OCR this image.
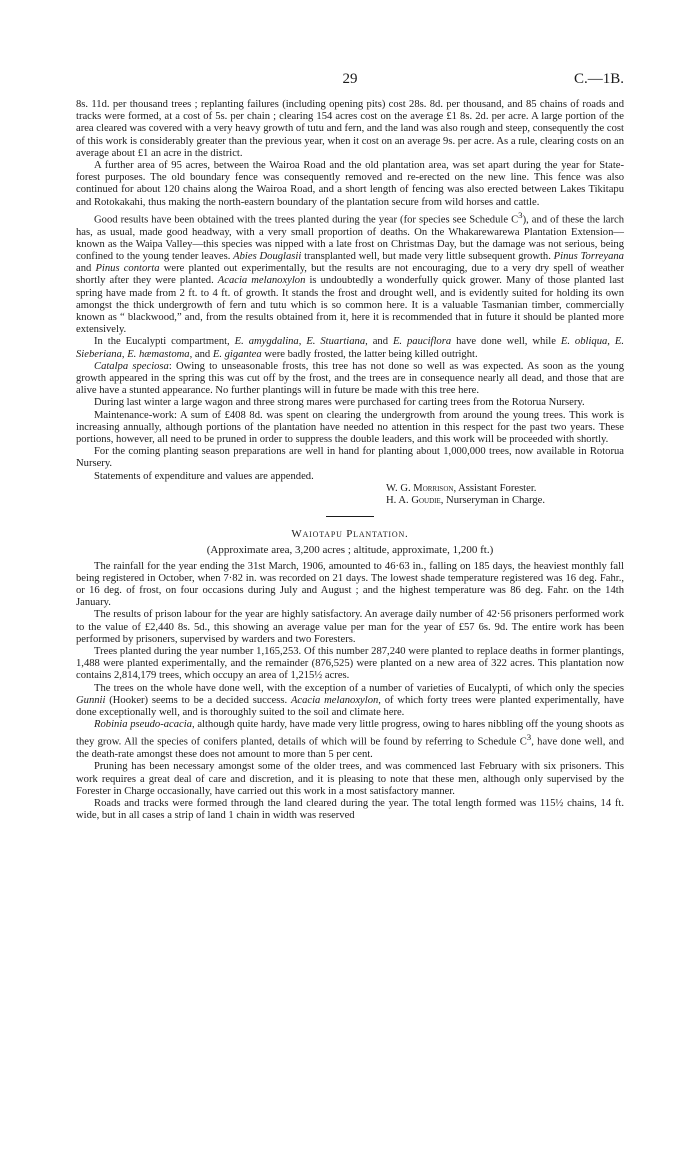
29	C.—1B.

8s. 11d. per thousand trees ; replanting failures (including opening pits) cost 28s. 8d. per thousand, and 85 chains of roads and tracks were formed, at a cost of 5s. per chain ; clearing 154 acres cost on the average £1 8s. 2d. per acre. A large portion of the area cleared was covered with a very heavy growth of tutu and fern, and the land was also rough and steep, consequently the cost of this work is considerably greater than the previous year, when it cost on an average 9s. per acre. As a rule, clearing costs on an average about £1 an acre in the district.

A further area of 95 acres, between the Wairoa Road and the old plantation area, was set apart during the year for State-forest purposes. The old boundary fence was consequently removed and re-erected on the new line. This fence was also continued for about 120 chains along the Wairoa Road, and a short length of fencing was also erected between Lakes Tikitapu and Rotokakahi, thus making the north-eastern boundary of the plantation secure from wild horses and cattle.

Good results have been obtained with the trees planted during the year (for species see Schedule $C^3$), and of these the larch has, as usual, made good headway, with a very small proportion of deaths. On the Whakarewarewa Plantation Extension—known as the Waipa Valley—this species was nipped with a late frost on Christmas Day, but the damage was not serious, being confined to the young tender leaves. Abies Douglasii transplanted well, but made very little subsequent growth. Pinus Torreyana and Pinus contorta were planted out experimentally, but the results are not encouraging, due to a very dry spell of weather shortly after they were planted. Acacia melanoxylon is undoubtedly a wonderfully quick grower. Many of those planted last spring have made from 2 ft. to 4 ft. of growth. It stands the frost and drought well, and is evidently suited for holding its own amongst the thick undergrowth of fern and tutu which is so common here. It is a valuable Tasmanian timber, commercially known as “ blackwood,” and, from the results obtained from it, here it is recommended that in future it should be planted more extensively.

In the Eucalypti compartment, E. amygdalina, E. Stuartiana, and E. pauciflora have done well, while E. obliqua, E. Sieberiana, E. hæmastoma, and E. gigantea were badly frosted, the latter being killed outright.

Catalpa speciosa: Owing to unseasonable frosts, this tree has not done so well as was expected. As soon as the young growth appeared in the spring this was cut off by the frost, and the trees are in consequence nearly all dead, and those that are alive have a stunted appearance. No further plantings will in future be made with this tree here.

During last winter a large wagon and three strong mares were purchased for carting trees from the Rotorua Nursery.

Maintenance-work: A sum of £408 8d. was spent on clearing the undergrowth from around the young trees. This work is increasing annually, although portions of the plantation have needed no attention in this respect for the past two years. These portions, however, all need to be pruned in order to suppress the double leaders, and this work will be proceeded with shortly.

For the coming planting season preparations are well in hand for planting about 1,000,000 trees, now available in Rotorua Nursery.

Statements of expenditure and values are appended.

W. G. Morrison, Assistant Forester.

H. A. Goudie, Nurseryman in Charge.

Waiotapu Plantation.

(Approximate area, 3,200 acres ; altitude, approximate, 1,200 ft.)

The rainfall for the year ending the 31st March, 1906, amounted to 46·63 in., falling on 185 days, the heaviest monthly fall being registered in October, when 7·82 in. was recorded on 21 days. The lowest shade temperature registered was 16 deg. Fahr., or 16 deg. of frost, on four occasions during July and August ; and the highest temperature was 86 deg. Fahr. on the 14th January.

The results of prison labour for the year are highly satisfactory. An average daily number of 42·56 prisoners performed work to the value of £2,440 8s. 5d., this showing an average value per man for the year of £57 6s. 9d. The entire work has been performed by prisoners, supervised by warders and two Foresters.

Trees planted during the year number 1,165,253. Of this number 287,240 were planted to replace deaths in former plantings, 1,488 were planted experimentally, and the remainder (876,525) were planted on a new area of 322 acres. This plantation now contains 2,814,179 trees, which occupy an area of 1,215½ acres.

The trees on the whole have done well, with the exception of a number of varieties of Eucalypti, of which only the species Gunnii (Hooker) seems to be a decided success. Acacia melanoxylon, of which forty trees were planted experimentally, have done exceptionally well, and is thoroughly suited to the soil and climate here.

Robinia pseudo-acacia, although quite hardy, have made very little progress, owing to hares nibbling off the young shoots as they grow. All the species of conifers planted, details of which will be found by referring to Schedule $C^3$, have done well, and the death-rate amongst these does not amount to more than 5 per cent.

Pruning has been necessary amongst some of the older trees, and was commenced last February with six prisoners. This work requires a great deal of care and discretion, and it is pleasing to note that these men, although only supervised by the Forester in Charge occasionally, have carried out this work in a most satisfactory manner.

Roads and tracks were formed through the land cleared during the year. The total length formed was 115½ chains, 14 ft. wide, but in all cases a strip of land 1 chain in width was reserved
